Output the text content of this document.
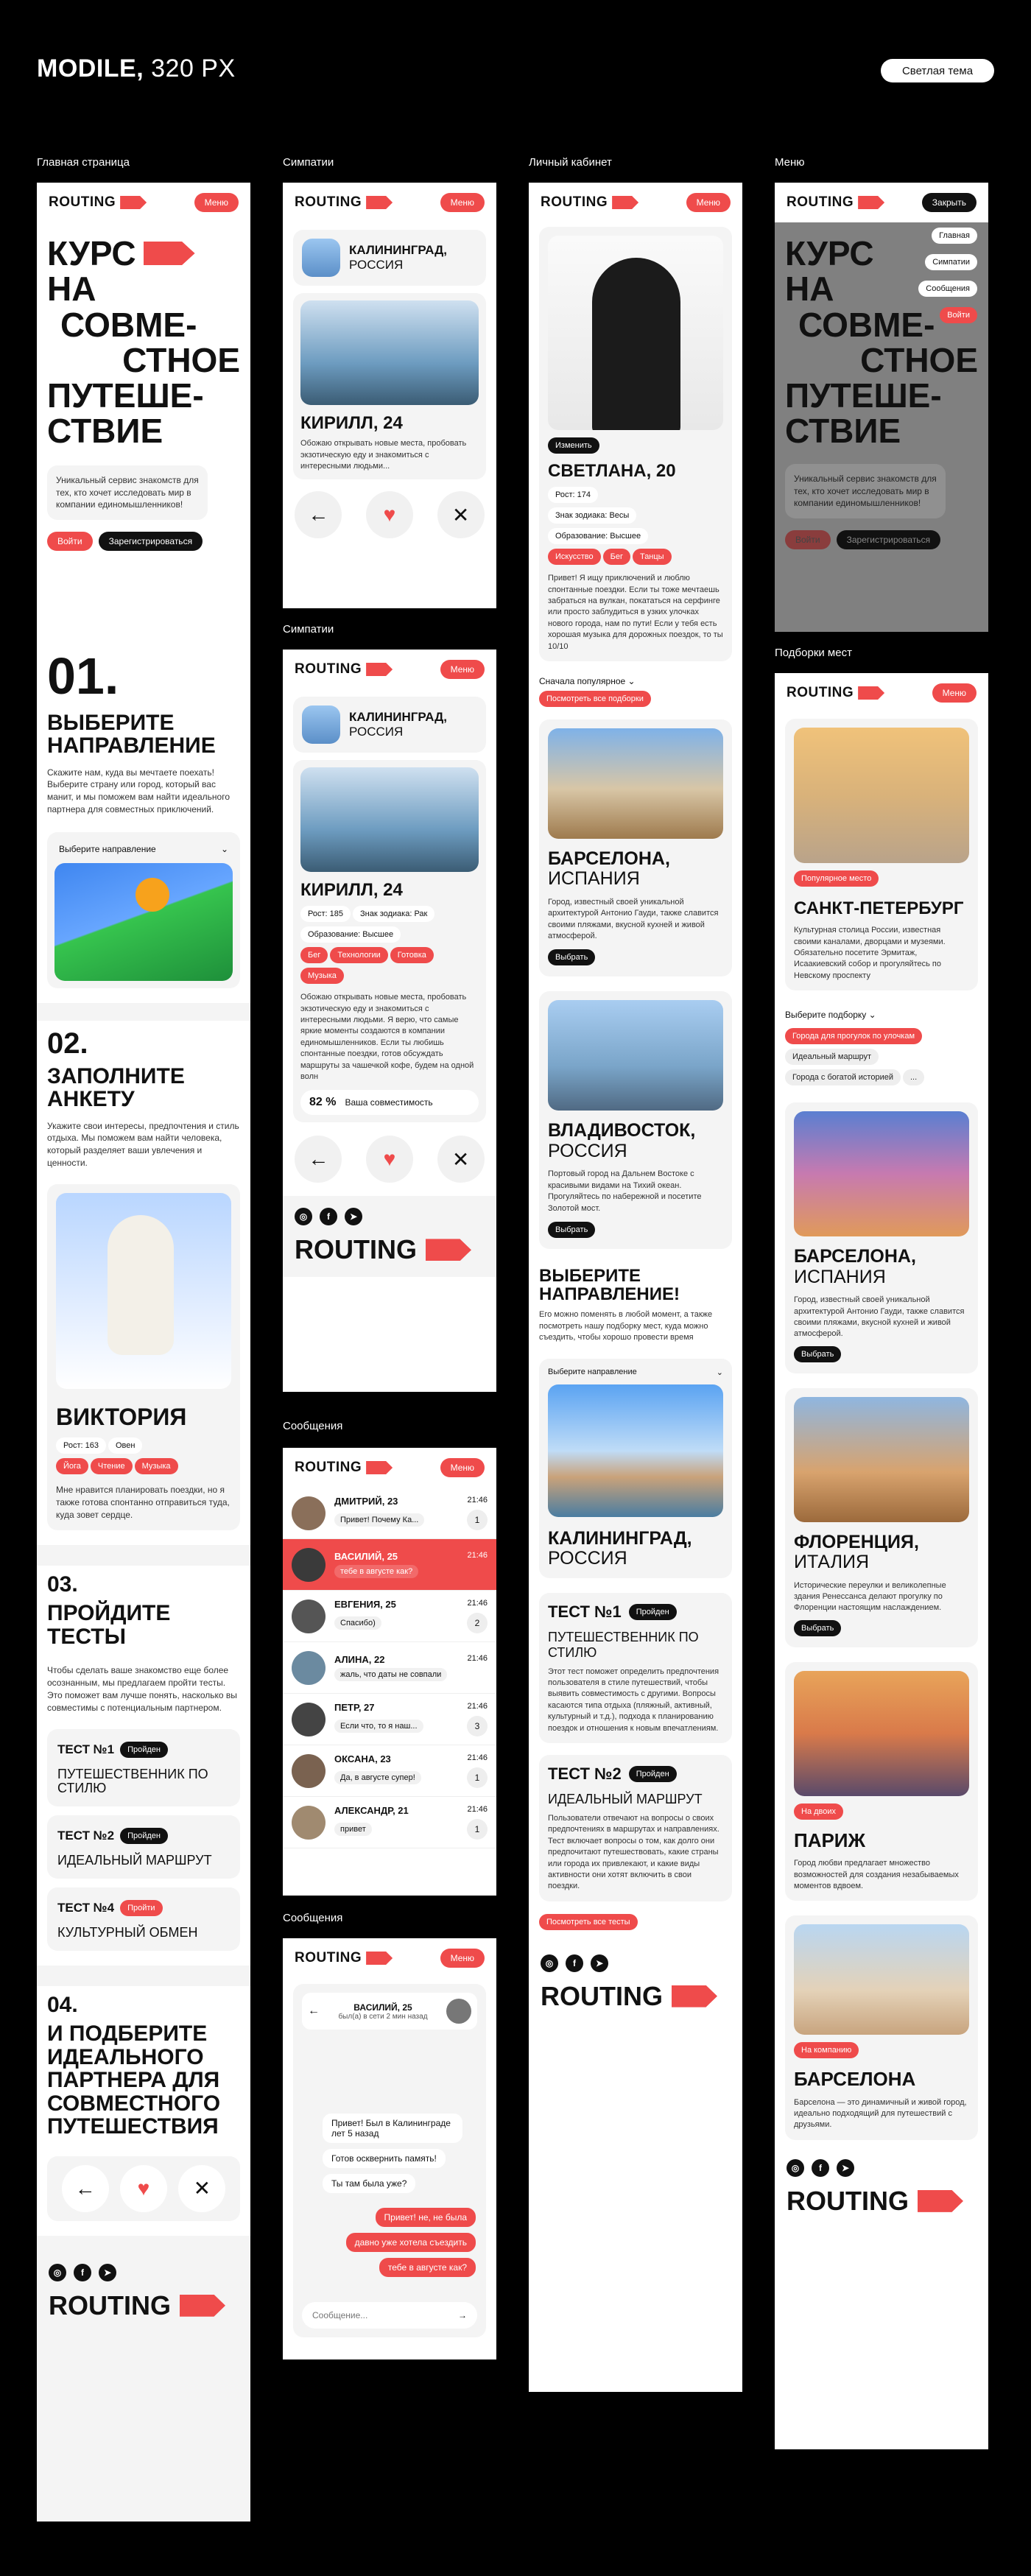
MODILE, 320 PX	Светлая тема
Главная страница	Симпатии	Личный кабинет	Меню
Симпатии
Подборки мест
Сообщения
Сообщения
ROUTING	Меню
КУРС
НА
СОВМЕ-
СТНОЕ
ПУТЕШЕ-
СТВИЕ
Уникальный сервис знакомств для тех, кто хочет исследовать мир в компании единомышленников!
Войти	Зарегистрироваться
01.
ВЫБЕРИТЕ НАПРАВЛЕНИЕ
Скажите нам, куда вы мечтаете поехать! Выберите страну или город, который вас манит, и мы поможем вам найти идеального партнера для совместных приключений.
Выберите направление	⌄
02.
ЗАПОЛНИТЕ АНКЕТУ
Укажите свои интересы, предпочтения и стиль отдыха. Мы поможем вам найти человека, который разделяет ваши увлечения и ценности.
ВИКТОРИЯ
Рост: 163 Овен
Йога Чтение Музыка
Мне нравится планировать поездки, но я также готова спонтанно отправиться туда, куда зовет сердце.
03.
ПРОЙДИТЕ ТЕСТЫ
Чтобы сделать ваше знакомство еще более осознанным, мы предлагаем пройти тесты. Это поможет вам лучше понять, насколько вы совместимы с потенциальным партнером.
ТЕСТ №1	Пройден
ПУТЕШЕСТВЕННИК ПО СТИЛЮ
ТЕСТ №2	Пройден
ИДЕАЛЬНЫЙ МАРШРУТ
ТЕСТ №4	Пройти
КУЛЬТУРНЫЙ ОБМЕН
04.
И ПОДБЕРИТЕ ИДЕАЛЬНОГО ПАРТНЕРА ДЛЯ СОВМЕСТНОГО ПУТЕШЕСТВИЯ
←	♥	✕
◎	f	➤
ROUTING
ROUTING	Меню
КАЛИНИНГРАД,
РОССИЯ
КИРИЛЛ, 24
Обожаю открывать новые места, пробовать экзотическую еду и знакомиться с интересными людьми...
←	♥	✕
ROUTING	Меню
КАЛИНИНГРАД,
РОССИЯ
КИРИЛЛ, 24
Рост: 185 Знак зодиака: РакОбразование: Высшее
Бег Технологии ГотовкаМузыка
Обожаю открывать новые места, пробовать экзотическую еду и знакомиться с интересными людьми. Я верю, что самые яркие моменты создаются в компании единомышленников. Если ты любишь спонтанные поездки, готов обсуждать маршруты за чашечкой кофе, будем на одной волн
82 % Ваша совместимость
←	♥	✕
◎	f	➤
ROUTING
ROUTING	Меню
ДМИТРИЙ, 23	21:46
Привет! Почему Ка...	1
ВАСИЛИЙ, 25	21:46
тебе в августе как?
ЕВГЕНИЯ, 25	21:46
Спасибо)	2
АЛИНА, 22	21:46
жаль, что даты не совпали
ПЕТР, 27	21:46
Если что, то я наш...	3
ОКСАНА, 23	21:46
Да, в августе супер!	1
АЛЕКСАНДР, 21	21:46
привет	1
ROUTING	Меню
←	ВАСИЛИЙ, 25
был(а) в сети 2 мин назад
Привет! Был в Калининграде лет 5 назад
Готов осквернить память!
Ты там была уже?
Привет! не, не была
давно уже хотела съездить
тебе в августе как?
Сообщение...	→
ROUTING	Меню
Изменить
СВЕТЛАНА, 20
Рост: 174
Знак зодиака: Весы
Образование: Высшее
Искусство Бег Танцы
Привет! Я ищу приключений и люблю спонтанные поездки. Если ты тоже мечтаешь забраться на вулкан, покататься на серфинге или просто заблудиться в узких улочках нового города, нам по пути! Если у тебя есть хорошая музыка для дорожных поездок, то ты 10/10
Сначала популярное ⌄
Посмотреть все подборки
БАРСЕЛОНА,
ИСПАНИЯ
Город, известный своей уникальной архитектурой Антонио Гауди, также славится своими пляжами, вкусной кухней и живой атмосферой.
Выбрать
ВЛАДИВОСТОК,
РОССИЯ
Портовый город на Дальнем Востоке с красивыми видами на Тихий океан. Прогуляйтесь по набережной и посетите Золотой мост.
Выбрать
ВЫБЕРИТЕ НАПРАВЛЕНИЕ!
Его можно поменять в любой момент, а также посмотреть нашу подборку мест, куда можно съездить, чтобы хорошо провести время
Выберите направление	⌄
КАЛИНИНГРАД,
РОССИЯ
ТЕСТ №1	Пройден
ПУТЕШЕСТВЕННИК ПО СТИЛЮ
Этот тест поможет определить предпочтения пользователя в стиле путешествий, чтобы выявить совместимость с другими. Вопросы касаются типа отдыха (пляжный, активный, культурный и т.д.), подхода к планированию поездок и отношения к новым впечатлениям.
ТЕСТ №2	Пройден
ИДЕАЛЬНЫЙ МАРШРУТ
Пользователи отвечают на вопросы о своих предпочтениях в маршрутах и направлениях. Тест включает вопросы о том, как долго они предпочитают путешествовать, какие страны или города их привлекают, и какие виды активности они хотят включить в свои поездки.
Посмотреть все тесты
◎	f	➤
ROUTING
ROUTING	Закрыть
КУРС
НА
СОВМЕ-
СТНОЕ
ПУТЕШЕ-
СТВИЕ
Уникальный сервис знакомств для тех, кто хочет исследовать мир в компании единомышленников!
Войти	Зарегистрироваться
Главная
Симпатии
Сообщения
Войти
ROUTING	Меню
Популярное место
САНКТ-ПЕТЕРБУРГ
Культурная столица России, известная своими каналами, дворцами и музеями. Обязательно посетите Эрмитаж, Исаакиевский собор и прогуляйтесь по Невскому проспекту
Выберите подборку ⌄
Города для прогулок по улочкам
Идеальный маршрут
Города с богатой историей ...
БАРСЕЛОНА,
ИСПАНИЯ
Город, известный своей уникальной архитектурой Антонио Гауди, также славится своими пляжами, вкусной кухней и живой атмосферой.
Выбрать
ФЛОРЕНЦИЯ,
ИТАЛИЯ
Исторические переулки и великолепные здания Ренессанса делают прогулку по Флоренции настоящим наслаждением.
Выбрать
На двоих
ПАРИЖ
Город любви предлагает множество возможностей для создания незабываемых моментов вдвоем.
На компанию
БАРСЕЛОНА
Барселона — это динамичный и живой город, идеально подходящий для путешествий с друзьями.
◎	f	➤
ROUTING
